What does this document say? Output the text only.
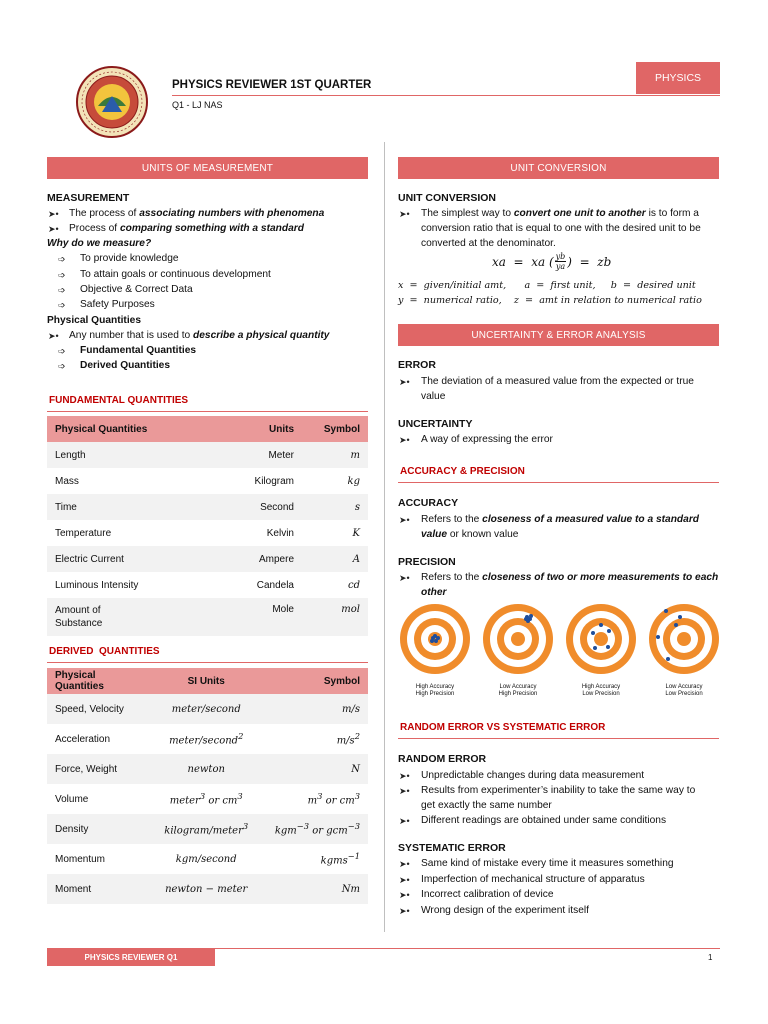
PHYSICS REVIEWER 1ST QUARTER
Q1 - LJ NAS
PHYSICS
UNITS OF MEASUREMENT
MEASUREMENT
➤• The process of associating numbers with phenomena
➤• Process of comparing something with a standard
Why do we measure?
➩ To provide knowledge
➩ To attain goals or continuous development
➩ Objective & Correct Data
➩ Safety Purposes
Physical Quantities
➤• Any number that is used to describe a physical quantity
➩ Fundamental Quantities
➩ Derived Quantities
FUNDAMENTAL QUANTITIES
Physical Quantities	Units	Symbol
Length	Meter	m
Mass	Kilogram	kg
Time	Second	s
Temperature	Kelvin	K
Electric Current	Ampere	A
Luminous Intensity	Candela	cd
Amount of
Substance	Mole	mol
DERIVED  QUANTITIES
Physical Quantities	SI Units	Symbol
Speed, Velocity	meter/second	m/s
Acceleration	meter/second$^2$	$m/s^2$
Force, Weight	newton	N
Volume	meter$^3$ or $cm^3$	$m^3$ or $cm^3$
Density	kilogram/meter$^3$	kgm$^{-3}$ or gcm$^{-3}$
Momentum	kgm/second	kgms$^{-1}$
Moment	newton − meter	Nm
UNIT CONVERSION
UNIT CONVERSION
➤• The simplest way to convert one unit to another is to form a
conversion ratio that is equal to one with the desired unit to be
converted at the denominator.
xa  =  xa ( yb
ya )  =  zb
x  =  given/initial amt,      a  =  first unit,     b  =  desired unit
y  =  numerical ratio,    z  =  amt in relation to numerical ratio
UNCERTAINTY & ERROR ANALYSIS
ERROR
➤• The deviation of a measured value from the expected or true
value
UNCERTAINTY
➤• A way of expressing the error
ACCURACY & PRECISION
ACCURACY
➤• Refers to the closeness of a measured value to a standard
value or known value
PRECISION
➤• Refers to the closeness of two or more measurements to each
other
High Accuracy
High Precision
Low Accuracy
High Precision
High Accuracy
Low Precision
Low Accuracy
Low Precision
RANDOM ERROR VS SYSTEMATIC ERROR
RANDOM ERROR
➤• Unpredictable changes during data measurement
➤• Results from experimenter’s inability to take the same way to
get exactly the same number
➤• Different readings are obtained under same conditions
SYSTEMATIC ERROR
➤• Same kind of mistake every time it measures something
➤• Imperfection of mechanical structure of apparatus
➤• Incorrect calibration of device
➤• Wrong design of the experiment itself
PHYSICS REVIEWER Q1	1
